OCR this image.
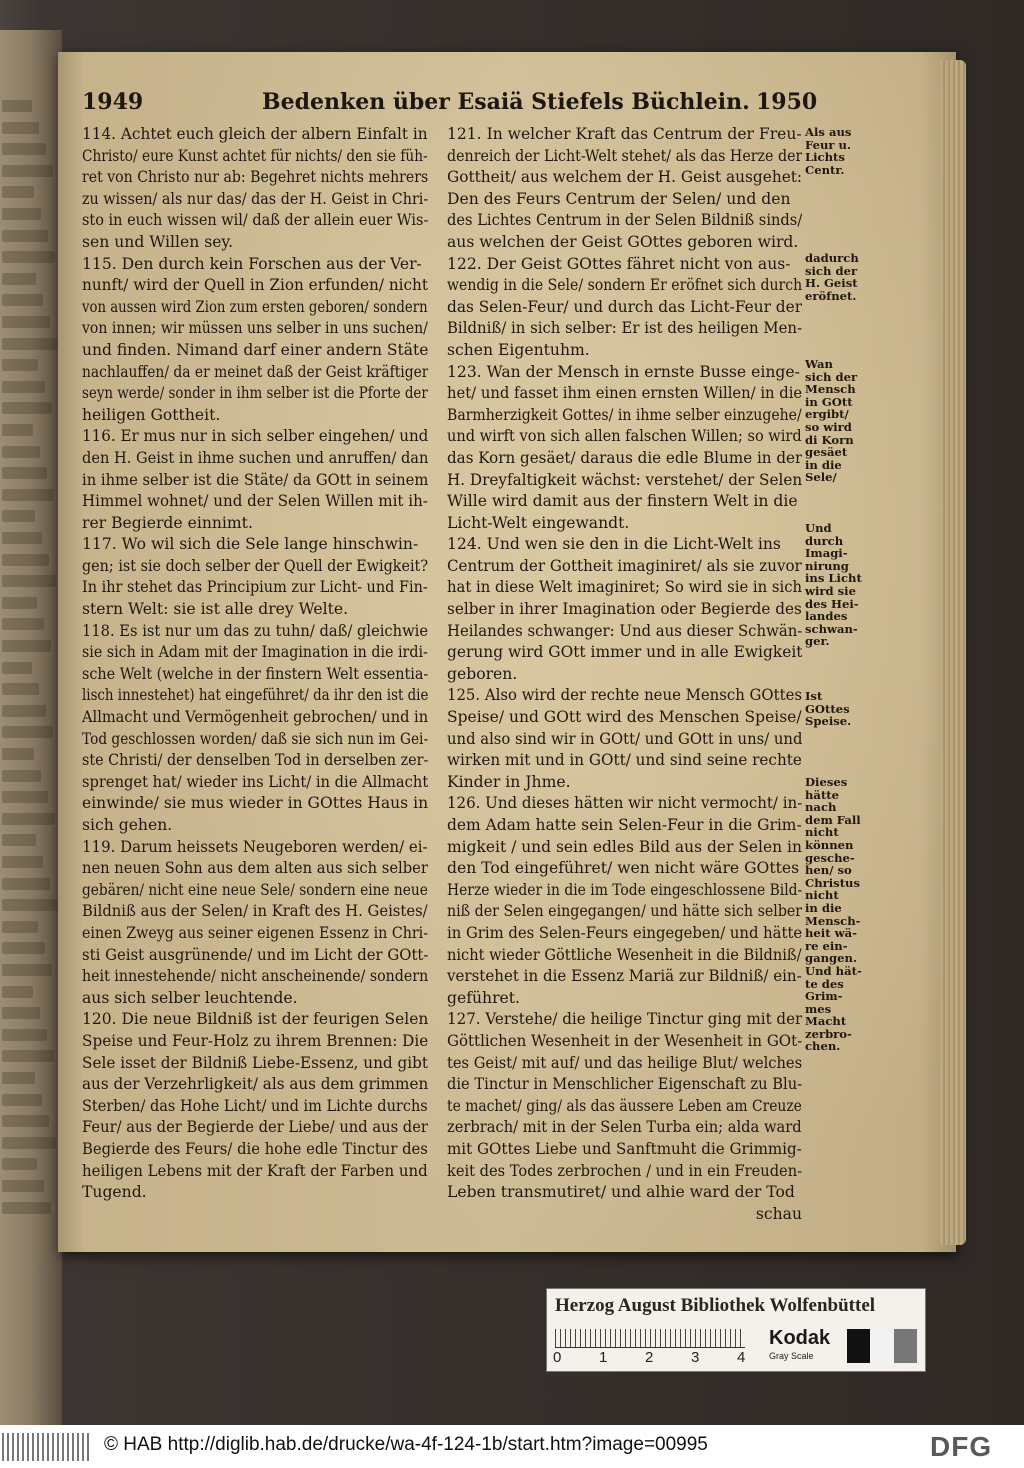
1949	Bedenken über Esaiä Stiefels Büchlein. 1950
114. Achtet euch gleich der albern Einfalt in
Christo/ eure Kunst achtet für nichts/ den sie füh-
ret von Christo nur ab: Begehret nichts mehrers
zu wissen/ als nur das/ das der H. Geist in Chri-
sto in euch wissen wil/ daß der allein euer Wis-
sen und Willen sey.
115. Den durch kein Forschen aus der Ver-
nunft/ wird der Quell in Zion erfunden/ nicht
von aussen wird Zion zum ersten geboren/ sondern
von innen; wir müssen uns selber in uns suchen/
und finden. Nimand darf einer andern Stäte
nachlauffen/ da er meinet daß der Geist kräftiger
seyn werde/ sonder in ihm selber ist die Pforte der
heiligen Gottheit.
116. Er mus nur in sich selber eingehen/ und
den H. Geist in ihme suchen und anruffen/ dan
in ihme selber ist die Stäte/ da GOtt in seinem
Himmel wohnet/ und der Selen Willen mit ih-
rer Begierde einnimt.
117. Wo wil sich die Sele lange hinschwin-
gen; ist sie doch selber der Quell der Ewigkeit?
In ihr stehet das Principium zur Licht- und Fin-
stern Welt: sie ist alle drey Welte.
118. Es ist nur um das zu tuhn/ daß/ gleichwie
sie sich in Adam mit der Imagination in die irdi-
sche Welt (welche in der finstern Welt essentia-
lisch innestehet) hat eingeführet/ da ihr den ist die
Allmacht und Vermögenheit gebrochen/ und in
Tod geschlossen worden/ daß sie sich nun im Gei-
ste Christi/ der denselben Tod in derselben zer-
sprenget hat/ wieder ins Licht/ in die Allmacht
einwinde/ sie mus wieder in GOttes Haus in
sich gehen.
119. Darum heissets Neugeboren werden/ ei-
nen neuen Sohn aus dem alten aus sich selber
gebären/ nicht eine neue Sele/ sondern eine neue
Bildniß aus der Selen/ in Kraft des H. Geistes/
einen Zweyg aus seiner eigenen Essenz in Chri-
sti Geist ausgrünende/ und im Licht der GOtt-
heit innestehende/ nicht anscheinende/ sondern
aus sich selber leuchtende.
120. Die neue Bildniß ist der feurigen Selen
Speise und Feur-Holz zu ihrem Brennen: Die
Sele isset der Bildniß Liebe-Essenz, und gibt
aus der Verzehrligkeit/ als aus dem grimmen
Sterben/ das Hohe Licht/ und im Lichte durchs
Feur/ aus der Begierde der Liebe/ und aus der
Begierde des Feurs/ die hohe edle Tinctur des
heiligen Lebens mit der Kraft der Farben und
Tugend.
121. In welcher Kraft das Centrum der Freu-
denreich der Licht-Welt stehet/ als das Herze der
Gottheit/ aus welchem der H. Geist ausgehet:
Den des Feurs Centrum der Selen/ und den
des Lichtes Centrum in der Selen Bildniß sinds/
aus welchen der Geist GOttes geboren wird.
122. Der Geist GOttes fähret nicht von aus-
wendig in die Sele/ sondern Er eröfnet sich durch
das Selen-Feur/ und durch das Licht-Feur der
Bildniß/ in sich selber: Er ist des heiligen Men-
schen Eigentuhm.
123. Wan der Mensch in ernste Busse einge-
het/ und fasset ihm einen ernsten Willen/ in die
Barmherzigkeit Gottes/ in ihme selber einzugehe/
und wirft von sich allen falschen Willen; so wird
das Korn gesäet/ daraus die edle Blume in der
H. Dreyfaltigkeit wächst: verstehet/ der Selen
Wille wird damit aus der finstern Welt in die
Licht-Welt eingewandt.
124. Und wen sie den in die Licht-Welt ins
Centrum der Gottheit imaginiret/ als sie zuvor
hat in diese Welt imaginiret; So wird sie in sich
selber in ihrer Imagination oder Begierde des
Heilandes schwanger: Und aus dieser Schwän-
gerung wird GOtt immer und in alle Ewigkeit
geboren.
125. Also wird der rechte neue Mensch GOttes
Speise/ und GOtt wird des Menschen Speise/
und also sind wir in GOtt/ und GOtt in uns/ und
wirken mit und in GOtt/ und sind seine rechte
Kinder in Jhme.
126. Und dieses hätten wir nicht vermocht/ in-
dem Adam hatte sein Selen-Feur in die Grim-
migkeit / und sein edles Bild aus der Selen in
den Tod eingeführet/ wen nicht wäre GOttes
Herze wieder in die im Tode eingeschlossene Bild-
niß der Selen eingegangen/ und hätte sich selber
in Grim des Selen-Feurs eingegeben/ und hätte
nicht wieder Göttliche Wesenheit in die Bildniß/
verstehet in die Essenz Mariä zur Bildniß/ ein-
geführet.
127. Verstehe/ die heilige Tinctur ging mit der
Göttlichen Wesenheit in der Wesenheit in GOt-
tes Geist/ mit auf/ und das heilige Blut/ welches
die Tinctur in Menschlicher Eigenschaft zu Blu-
te machet/ ging/ als das äussere Leben am Creuze
zerbrach/ mit in der Selen Turba ein; alda ward
mit GOttes Liebe und Sanftmuht die Grimmig-
keit des Todes zerbrochen / und in ein Freuden-
Leben transmutiret/ und alhie ward der Tod
schau
Als aus
Feur u.
Lichts
Centr.
dadurch
sich der
H. Geist
eröfnet.
Wan
sich der
Mensch
in GOtt
ergibt/
so wird
di Korn
gesäet
in die
Sele/
Und
durch
Imagi-
nirung
ins Licht
wird sie
des Hei-
landes
schwan-
ger.
Ist
GOttes
Speise.
Dieses
hätte
nach
dem Fall
nicht
können
gesche-
hen/ so
Christus
nicht
in die
Mensch-
heit wä-
re ein-
gangen.
Und hät-
te des
Grim-
mes
Macht
zerbro-
chen.
Herzog August Bibliothek Wolfenbüttel
0	1	2	3	4
Kodak
Gray Scale
© HAB http://diglib.hab.de/drucke/wa-4f-124-1b/start.htm?image=00995	DFG
